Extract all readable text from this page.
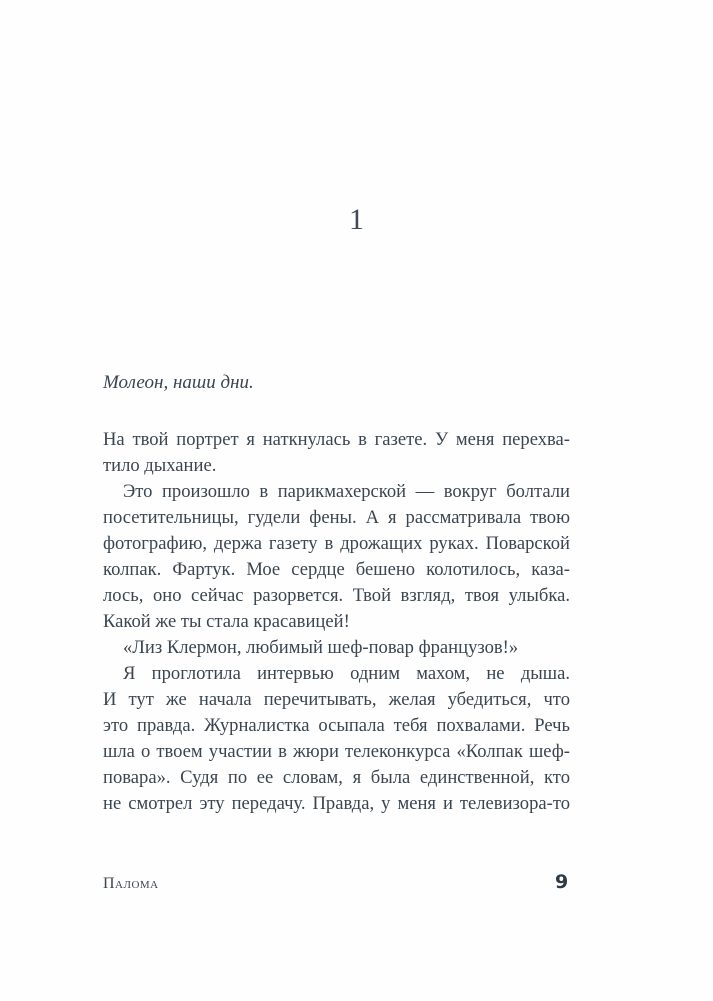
1
Молеон, наши дни.
На твой портрет я наткнулась в газете. У меня перехва-
тило дыхание.
Это произошло в парикмахерской — вокруг болтали
посетительницы, гудели фены. А я рассматривала твою
фотографию, держа газету в дрожащих руках. Поварской
колпак. Фартук. Мое сердце бешено колотилось, каза-
лось, оно сейчас разорвется. Твой взгляд, твоя улыбка.
Какой же ты стала красавицей!
«Лиз Клермон, любимый шеф-повар французов!»
Я проглотила интервью одним махом, не дыша.
И тут же начала перечитывать, желая убедиться, что
это правда. Журналистка осыпала тебя похвалами. Речь
шла о твоем участии в жюри телеконкурса «Колпак шеф-
повара». Судя по ее словам, я была единственной, кто
не смотрел эту передачу. Правда, у меня и телевизора-то
Палома	9
